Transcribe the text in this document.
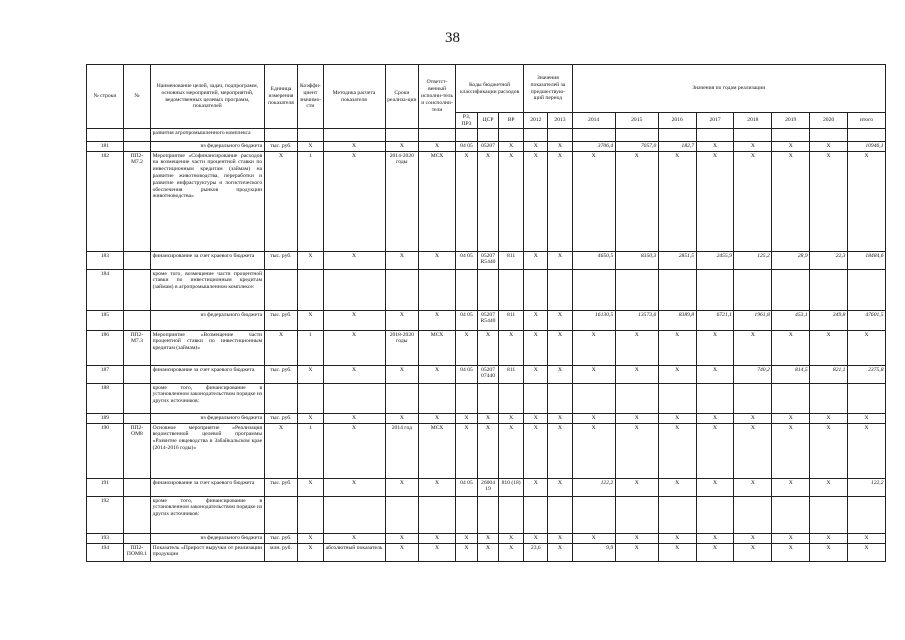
38
№ строки	№	Наименование целей, задач, подпрограмм, основных мероприятий, мероприятий, ведомственных целевых программ, показателей	Единица измерения показателя	Коэффи-циент значимо-сти	Методика расчета показателя	Сроки реализа-ции	Ответст-венный исполни-тель и соисполни-тели	Коды бюджетной классификации расходов			Значения показателей за предшествую-щий период		Значения по годам реализации							
								РЗ, ПРЗ	ЦСР	ВР	2012	2013	2014	2015	2016	2017	2018	2019	2020	итого
		развития агропромышленного комплекса																		
181		из федерального бюджета	тыс. руб.	X	X	X	X	04 05	05207	X	X	X	3706,4	7057,0	182,7	X	X	X	X	10946,1
182	ПП2-М7.2	Мероприятие «Софинансирование расходов на возмещение части процентной ставки по инвестиционным кредитам (займам) на развитие животноводства, переработки и развитие инфраструктуры и логистического обеспечения рынков продукции животноводства»	X	1	X	2014-2020 годы	МСХ	X	X	X	X	X	X	X	X	X	X	X	X	X
183		финансирование за счет краевого бюджета	тыс. руб.	X	X	X	X	04 05	05207 R5440	811	X	X	4650,5	8350,3	2851,5	2455,9	125,2	28,9	22,3	18484,6
184		кроме того, возмещение части процентной ставки по инвестиционным кредитам (займам) в агропромышленном комплексе:																		
185		из федерального бюджета	тыс. руб.	X	X	X	X	04 05	05207 R5440	811	X	X	16130,5	13573,6	8389,8	6721,1	1961,8	453,1	349,8	47601,5
186	ПП2-М7.3	Мероприятие «Возмещение части процентной ставки по инвестиционным кредитам (займам)»	X	1	X	2018-2020 годы	МСХ	X	X	X	X	X	X	X	X	X	X	X	X	X
187		финансирование за счет краевого бюджета	тыс. руб.	X	X	X	X	04 05	05207 07440	811	X	X	X	X	X	X	740,2	814,5	821,1	2375,8
188		кроме того, финансирование в установленном законодательством порядке из других источников:																		
189		из федерального бюджета	тыс. руб.	X	X	X	X	X	X	X	X	X	X	X	X	X	X	X	X	X
190	ПП2-ОМ8	Основное мероприятие «Реализация ведомственной целевой программы «Развитие овцеводства в Забайкальском крае (2014-2016 годы)»	X	1	X	2014 год	МСХ	X	X	X	X	X	X	X	X	X	X	X	X	X
191		финансирование за счет краевого бюджета	тыс. руб.	X	X	X	X	04 05	26004 19	810 (18)	X	X	122,2	X	X	X	X	X	X	122,2
192		кроме того, финансирование в установленном законодательством порядке из других источников:																		
193		из федерального бюджета	тыс. руб.	X	X	X	X	X	X	X	X	X	X	X	X	X	X	X	X	X
194	ПП2-ПОМ8.1	Показатель «Прирост выручки от реализации продукции	млн. руб.	X	абсолютный показатель	X	X	X	X	X	23,6	X	9,9	X	X	X	X	X	X	X
